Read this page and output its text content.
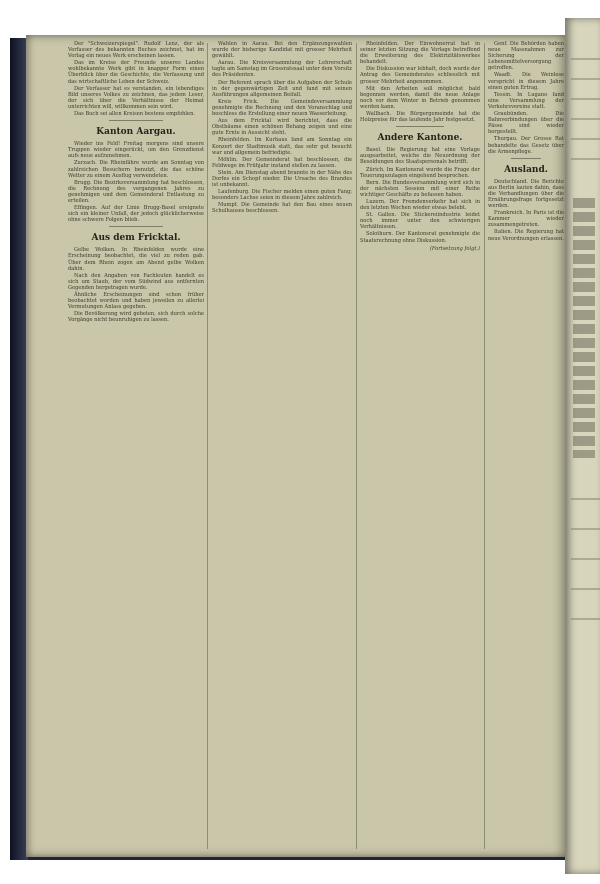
Der "Schweizerspiegel". Rudolf Lenz, der als Verfasser des bekannten Buches zeichnet, hat im Verlag ein neues Werk erscheinen lassen.

Das im Kreise der Freunde unseres Landes wohlbekannte Werk gibt in knapper Form einen Überblick über die Geschichte, die Verfassung und das wirtschaftliche Leben der Schweiz.

Der Verfasser hat es verstanden, ein lebendiges Bild unseres Volkes zu zeichnen, das jedem Leser, der sich über die Verhältnisse der Heimat unterrichten will, willkommen sein wird.

Das Buch sei allen Kreisen bestens empfohlen.

Kanton Aargau.

Wieder ins Feld! Freitag morgens sind unsere Truppen wieder eingerückt, um den Grenzdienst aufs neue aufzunehmen.

Zurzach. Die Rheinfähre wurde am Sonntag von zahlreichen Besuchern benutzt, die das schöne Wetter zu einem Ausflug verwendeten.

Brugg. Die Bezirksversammlung hat beschlossen, die Rechnung des vergangenen Jahres zu genehmigen und dem Gemeinderat Entlastung zu erteilen.

Effingen. Auf der Linie Brugg-Basel ereignete sich ein kleiner Unfall, der jedoch glücklicherweise ohne schwere Folgen blieb.

Aus dem Fricktal.

Gelbe Wolken. In Rheinfelden wurde eine Erscheinung beobachtet, die viel zu reden gab. Über dem Rhein zogen am Abend gelbe Wolken dahin.

Nach den Angaben von Fachleuten handelt es sich um Staub, der vom Südwind aus entfernten Gegenden hergetragen wurde.

Ähnliche Erscheinungen sind schon früher beobachtet worden und haben jeweilen zu allerlei Vermutungen Anlass gegeben.

Die Bevölkerung wird gebeten, sich durch solche Vorgänge nicht beunruhigen zu lassen.

Wahlen in Aarau. Bei den Ergänzungswahlen wurde der bisherige Kandidat mit grosser Mehrheit gewählt.

Aarau. Die Kreisversammlung der Lehrerschaft tagte am Samstag im Grossratssaal unter dem Vorsitz des Präsidenten.

Der Referent sprach über die Aufgaben der Schule in der gegenwärtigen Zeit und fand mit seinen Ausführungen allgemeinen Beifall.

Kreis Frick. Die Gemeindeversammlung genehmigte die Rechnung und den Voranschlag und beschloss die Erstellung einer neuen Wasserleitung.

Aus dem Fricktal wird berichtet, dass die Obstbäume einen schönen Behang zeigen und eine gute Ernte in Aussicht steht.

Rheinfelden. Im Kurhaus fand am Sonntag ein Konzert der Stadtmusik statt, das sehr gut besucht war und allgemein befriedigte.

Möhlin. Der Gemeinderat hat beschlossen, die Feldwege im Frühjahr instand stellen zu lassen.

Stein. Am Dienstag abend brannte in der Nähe des Dorfes ein Schopf nieder. Die Ursache des Brandes ist unbekannt.

Laufenburg. Die Fischer melden einen guten Fang; besonders Lachse seien in diesem Jahre zahlreich.

Mumpf. Die Gemeinde hat den Bau eines neuen Schulhauses beschlossen.

Rheinfelden. Der Einwohnerrat hat in seiner letzten Sitzung die Vorlage betreffend die Erweiterung des Elektrizitätswerkes behandelt.

Die Diskussion war lebhaft, doch wurde der Antrag des Gemeinderates schliesslich mit grosser Mehrheit angenommen.

Mit den Arbeiten soll möglichst bald begonnen werden, damit die neue Anlage noch vor dem Winter in Betrieb genommen werden kann.

Wallbach. Die Bürgergemeinde hat die Holzpreise für das laufende Jahr festgesetzt.

Andere Kantone.

Basel. Die Regierung hat eine Vorlage ausgearbeitet, welche die Neuordnung der Besoldungen des Staatspersonals betrifft.

Zürich. Im Kantonsrat wurde die Frage der Teuerungszulagen eingehend besprochen.

Bern. Die Bundesversammlung wird sich in der nächsten Session mit einer Reihe wichtiger Geschäfte zu befassen haben.

Luzern. Der Fremdenverkehr hat sich in den letzten Wochen wieder etwas belebt.

St. Gallen. Die Stickereiindustrie leidet noch immer unter den schwierigen Verhältnissen.

Solothurn. Der Kantonsrat genehmigte die Staatsrechnung ohne Diskussion.

(Fortsetzung folgt.)

Genf. Die Behörden haben neue Massnahmen zur Sicherung der Lebensmittelversorgung getroffen.

Waadt. Die Weinlese verspricht in diesem Jahre einen guten Ertrag.

Tessin. In Lugano fand eine Versammlung der Verkehrsvereine statt.

Graubünden. Die Bahnverbindungen über die Pässe sind wieder hergestellt.

Thurgau. Der Grosse Rat behandelte das Gesetz über die Armenpflege.

Ausland.

Deutschland. Die Berichte aus Berlin lauten dahin, dass die Verhandlungen über die Ernährungsfrage fortgesetzt werden.

Frankreich. In Paris ist die Kammer wieder zusammengetreten.

Italien. Die Regierung hat neue Verordnungen erlassen.
